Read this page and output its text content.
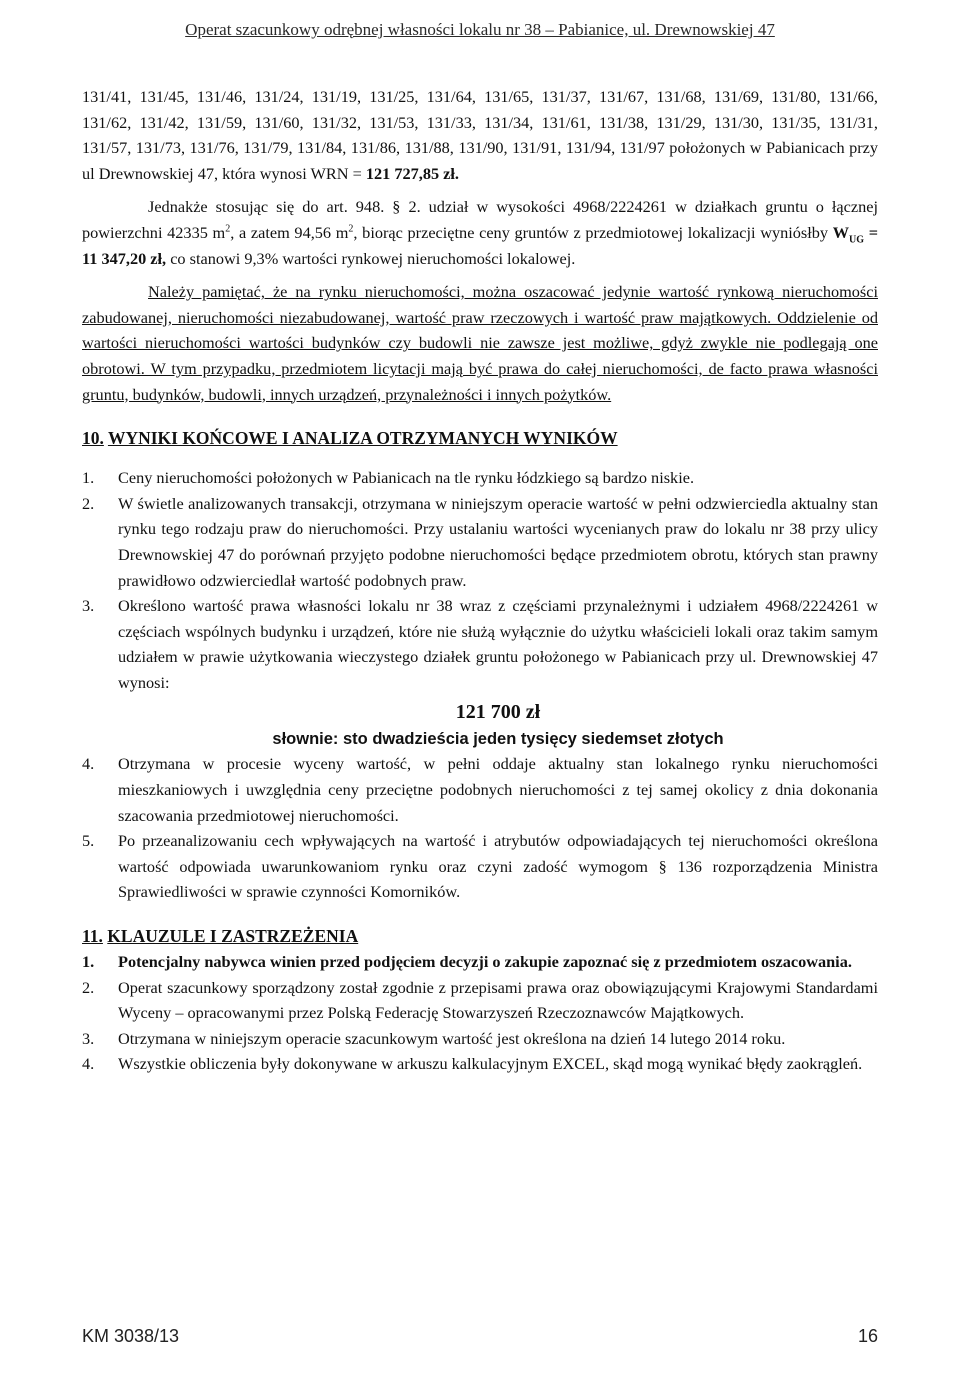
Operat szacunkowy odrębnej własności lokalu nr 38 – Pabianice, ul. Drewnowskiej 47

131/41, 131/45, 131/46, 131/24, 131/19, 131/25, 131/64, 131/65, 131/37, 131/67, 131/68, 131/69, 131/80, 131/66, 131/62, 131/42, 131/59, 131/60, 131/32, 131/53, 131/33, 131/34, 131/61, 131/38, 131/29, 131/30, 131/35, 131/31, 131/57, 131/73, 131/76, 131/79, 131/84, 131/86, 131/88, 131/90, 131/91, 131/94, 131/97 położonych w Pabianicach przy ul Drewnowskiej 47, która wynosi WRN = 121 727,85 zł.

Jednakże stosując się do art. 948. § 2. udział w wysokości 4968/2224261 w działkach gruntu o łącznej powierzchni 42335 $m^2$, a zatem 94,56 $m^2$, biorąc przeciętne ceny gruntów z przedmiotowej lokalizacji wyniósłby $W_{UG} = 11$ 347,20 zł, co stanowi 9,3% wartości rynkowej nieruchomości lokalowej.

Należy pamiętać, że na rynku nieruchomości, można oszacować jedynie wartość rynkową nieruchomości zabudowanej, nieruchomości niezabudowanej, wartość praw rzeczowych i wartość praw majątkowych. Oddzielenie od wartości nieruchomości wartości budynków czy budowli nie zawsze jest możliwe, gdyż zwykle nie podlegają one obrotowi. W tym przypadku, przedmiotem licytacji mają być prawa do całej nieruchomości, de facto prawa własności gruntu, budynków, budowli, innych urządzeń, przynależności i innych pożytków.

10. WYNIKI KOŃCOWE I ANALIZA OTRZYMANYCH WYNIKÓW
1. Ceny nieruchomości położonych w Pabianicach na tle rynku łódzkiego są bardzo niskie.
2. W świetle analizowanych transakcji, otrzymana w niniejszym operacie wartość w pełni odzwierciedla aktualny stan rynku tego rodzaju praw do nieruchomości. Przy ustalaniu wartości wycenianych praw do lokalu nr 38 przy ulicy Drewnowskiej 47 do porównań przyjęto podobne nieruchomości będące przedmiotem obrotu, których stan prawny prawidłowo odzwierciedlał wartość podobnych praw.
3. Określono wartość prawa własności lokalu nr 38 wraz z częściami przynależnymi i udziałem 4968/2224261 w częściach wspólnych budynku i urządzeń, które nie służą wyłącznie do użytku właścicieli lokali oraz takim samym udziałem w prawie użytkowania wieczystego działek gruntu położonego w Pabianicach przy ul. Drewnowskiej 47 wynosi:
121 700 zł
słownie: sto dwadzieścia jeden tysięcy siedemset złotych
4. Otrzymana w procesie wyceny wartość, w pełni oddaje aktualny stan lokalnego rynku nieruchomości mieszkaniowych i uwzględnia ceny przeciętne podobnych nieruchomości z tej samej okolicy z dnia dokonania szacowania przedmiotowej nieruchomości.
5. Po przeanalizowaniu cech wpływających na wartość i atrybutów odpowiadających tej nieruchomości określona wartość odpowiada uwarunkowaniom rynku oraz czyni zadość wymogom § 136 rozporządzenia Ministra Sprawiedliwości w sprawie czynności Komorników.
11. KLAUZULE I ZASTRZEŻENIA
1. Potencjalny nabywca winien przed podjęciem decyzji o zakupie zapoznać się z przedmiotem oszacowania.
2. Operat szacunkowy sporządzony został zgodnie z przepisami prawa oraz obowiązującymi Krajowymi Standardami Wyceny – opracowanymi przez Polską Federację Stowarzyszeń Rzeczoznawców Majątkowych.
3. Otrzymana w niniejszym operacie szacunkowym wartość jest określona na dzień 14 lutego 2014 roku.
4. Wszystkie obliczenia były dokonywane w arkuszu kalkulacyjnym EXCEL, skąd mogą wynikać błędy zaokrągleń.
KM 3038/13	16
